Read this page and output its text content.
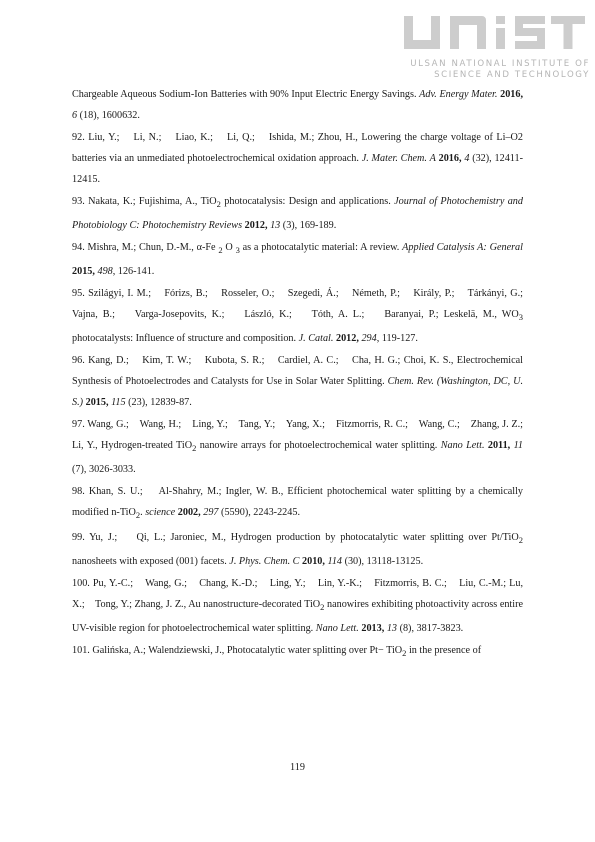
ULSAN NATIONAL INSTITUTE OF
SCIENCE AND TECHNOLOGY

Chargeable Aqueous Sodium-Ion Batteries with 90% Input Electric Energy Savings. Adv. Energy Mater. 2016, 6 (18), 1600632.

92. Liu, Y.;    Li, N.;    Liao, K.;    Li, Q.;    Ishida, M.; Zhou, H., Lowering the charge voltage of Li–O2 batteries via an unmediated photoelectrochemical oxidation approach. J. Mater. Chem. A 2016, 4 (32), 12411-12415.

93. Nakata, K.; Fujishima, A., TiO$_2$ photocatalysis: Design and applications. Journal of Photochemistry and Photobiology C: Photochemistry Reviews 2012, 13 (3), 169-189.

94. Mishra, M.; Chun, D.-M., α-Fe $_2$ O $_3$ as a photocatalytic material: A review. Applied Catalysis A: General 2015, 498, 126-141.

95. Szilágyi, I. M.;    Fórizs, B.;    Rosseler, O.;    Szegedi, Á.;    Németh, P.;    Király, P.;    Tárkányi, G.; Vajna, B.;    Varga-Josepovits, K.;    László, K.;    Tóth, A. L.;    Baranyai, P.; Leskelä, M., $WO_3$ photocatalysts: Influence of structure and composition. J. Catal. 2012, 294, 119-127.

96. Kang, D.;    Kim, T. W.;    Kubota, S. R.;    Cardiel, A. C.;    Cha, H. G.; Choi, K. S., Electrochemical Synthesis of Photoelectrodes and Catalysts for Use in Solar Water Splitting. Chem. Rev. (Washington, DC, U. S.) 2015, 115 (23), 12839-87.

97. Wang, G.;    Wang, H.;    Ling, Y.;    Tang, Y.;    Yang, X.;    Fitzmorris, R. C.;    Wang, C.;    Zhang, J. Z.; Li, Y., Hydrogen-treated TiO$_2$ nanowire arrays for photoelectrochemical water splitting. Nano Lett. 2011, 11 (7), 3026-3033.

98. Khan, S. U.;    Al-Shahry, M.; Ingler, W. B., Efficient photochemical water splitting by a chemically modified n-TiO$_2$. science 2002, 297 (5590), 2243-2245.

99. Yu, J.;    Qi, L.; Jaroniec, M., Hydrogen production by photocatalytic water splitting over Pt/TiO$_2$ nanosheets with exposed (001) facets. J. Phys. Chem. C 2010, 114 (30), 13118-13125.

100. Pu, Y.-C.;    Wang, G.;    Chang, K.-D.;    Ling, Y.;    Lin, Y.-K.;    Fitzmorris, B. C.;    Liu, C.-M.; Lu, X.;    Tong, Y.; Zhang, J. Z., Au nanostructure-decorated TiO$_2$ nanowires exhibiting photoactivity across entire UV-visible region for photoelectrochemical water splitting. Nano Lett. 2013, 13 (8), 3817-3823.

101. Galińska, A.; Walendziewski, J., Photocatalytic water splitting over Pt− TiO$_2$ in the presence of

119
